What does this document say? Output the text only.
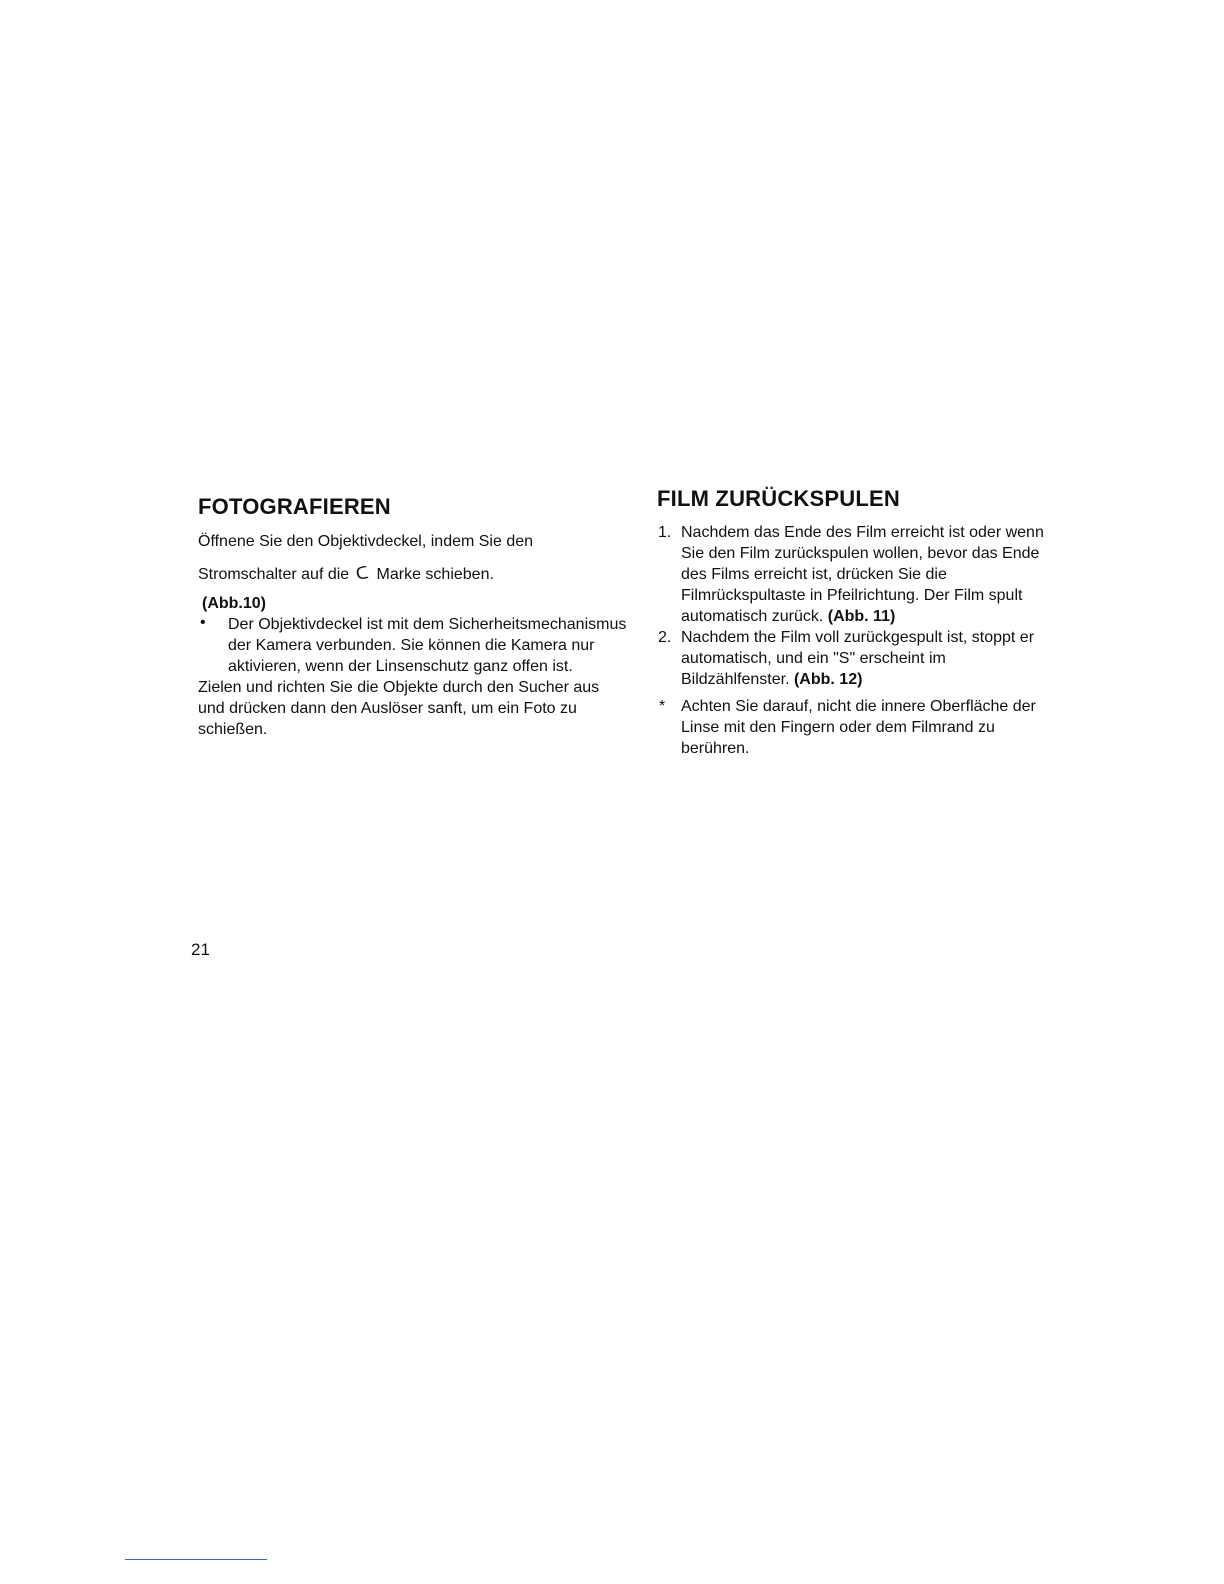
FOTOGRAFIEREN
Öffnene Sie den Objektivdeckel, indem Sie den
Stromschalter auf die ᑕ Marke schieben.
(Abb.10)
• Der Objektivdeckel ist mit dem Sicherheitsmechanismus der Kamera verbunden. Sie können die Kamera nur aktivieren, wenn der Linsenschutz ganz offen ist.
Zielen und richten Sie die Objekte durch den Sucher aus und drücken dann den Auslöser sanft, um ein Foto zu schießen.
FILM ZURÜCKSPULEN
1. Nachdem das Ende des Film erreicht ist oder wenn Sie den Film zurückspulen wollen, bevor das Ende des Films erreicht ist, drücken Sie die Filmrückspultaste in Pfeilrichtung. Der Film spult automatisch zurück. (Abb. 11)
2. Nachdem the Film voll zurückgespult ist, stoppt er automatisch, und ein "S" erscheint im Bildzählfenster. (Abb. 12)
* Achten Sie darauf, nicht die innere Oberfläche der Linse mit den Fingern oder dem Filmrand zu berühren.
21
